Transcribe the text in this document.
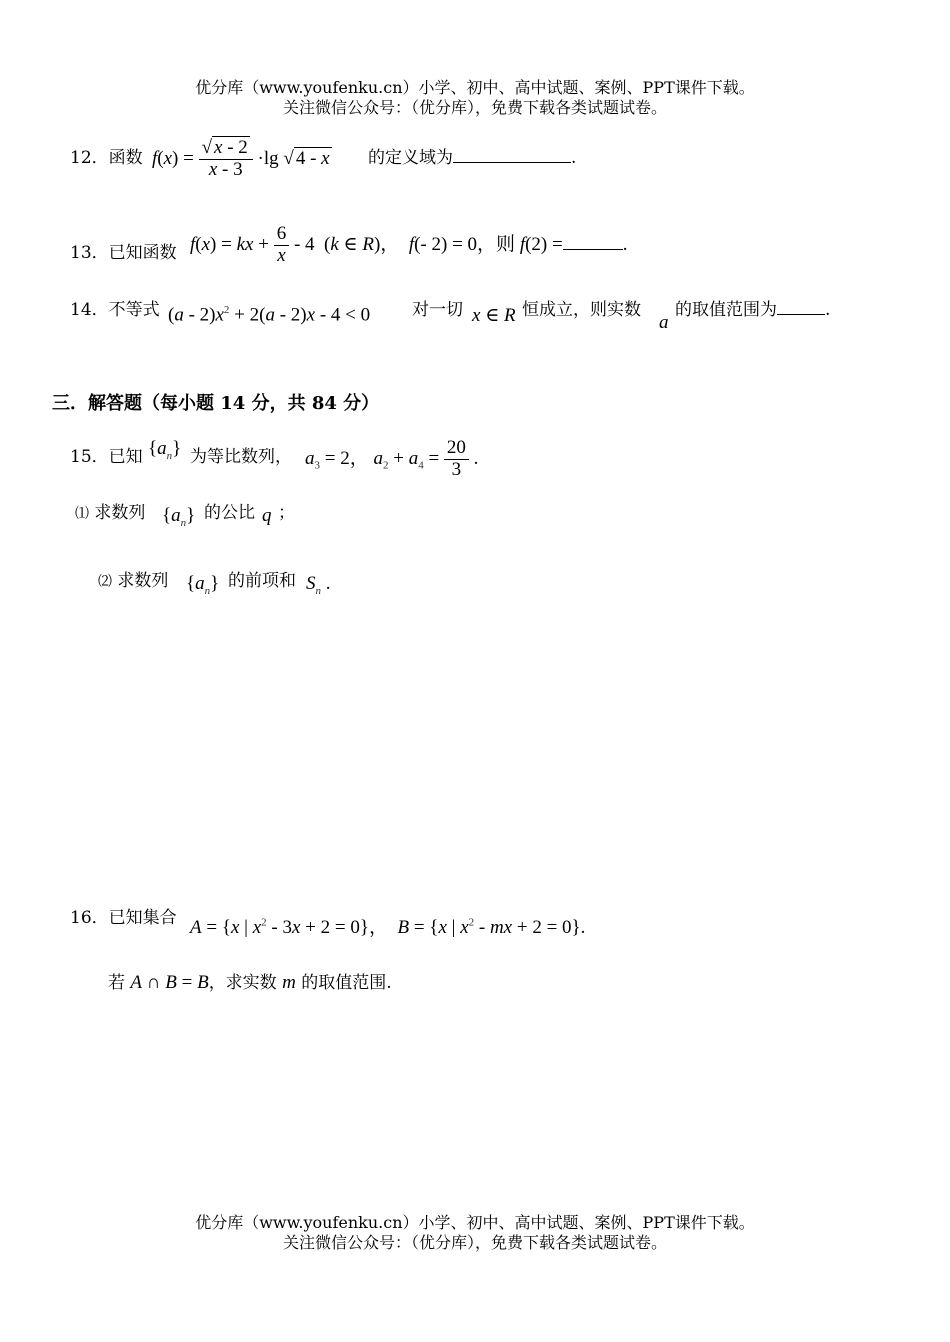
优分库（www.youfenku.cn）小学、初中、高中试题、案例、PPT课件下载。
关注微信公众号：（优分库），免费下载各类试题试卷。
12．函数 $f(x) = \frac{√ x - 2}{x - 3} \cdot\lg$ √ 4 - x 的定义域为	.
13．已知函数 f(x) = kx + $\frac{6}{x} - 4$  (k ∈ R)， f(- 2) = 0，则 f(2) =	.
14．不等式 $(a - 2)x^2 + 2(a - 2)x - 4 < 0$ 对一切 x ∈ R 恒成立，则实数
a
的取值范围为	.
三．解答题（每小题 14 分，共 84 分）
15．已知 $\{a_n\}$ 为等比数列， $a_3 = 2$， $a_2 + a_4 = \frac{20}{3}$ .
⑴ 求数列 $\{a_n\}$ 的公比 q ；
⑵ 求数列 $\{a_n\}$ 的前项和 $S_n$ .
16．已知集合 A = {x | $x^2 - 3x + 2 = 0$}， B = {x | $x^2$ - mx + 2 = 0}.
若 A ∩ B = B，求实数 m 的取值范围.
优分库（www.youfenku.cn）小学、初中、高中试题、案例、PPT课件下载。
关注微信公众号：（优分库），免费下载各类试题试卷。
